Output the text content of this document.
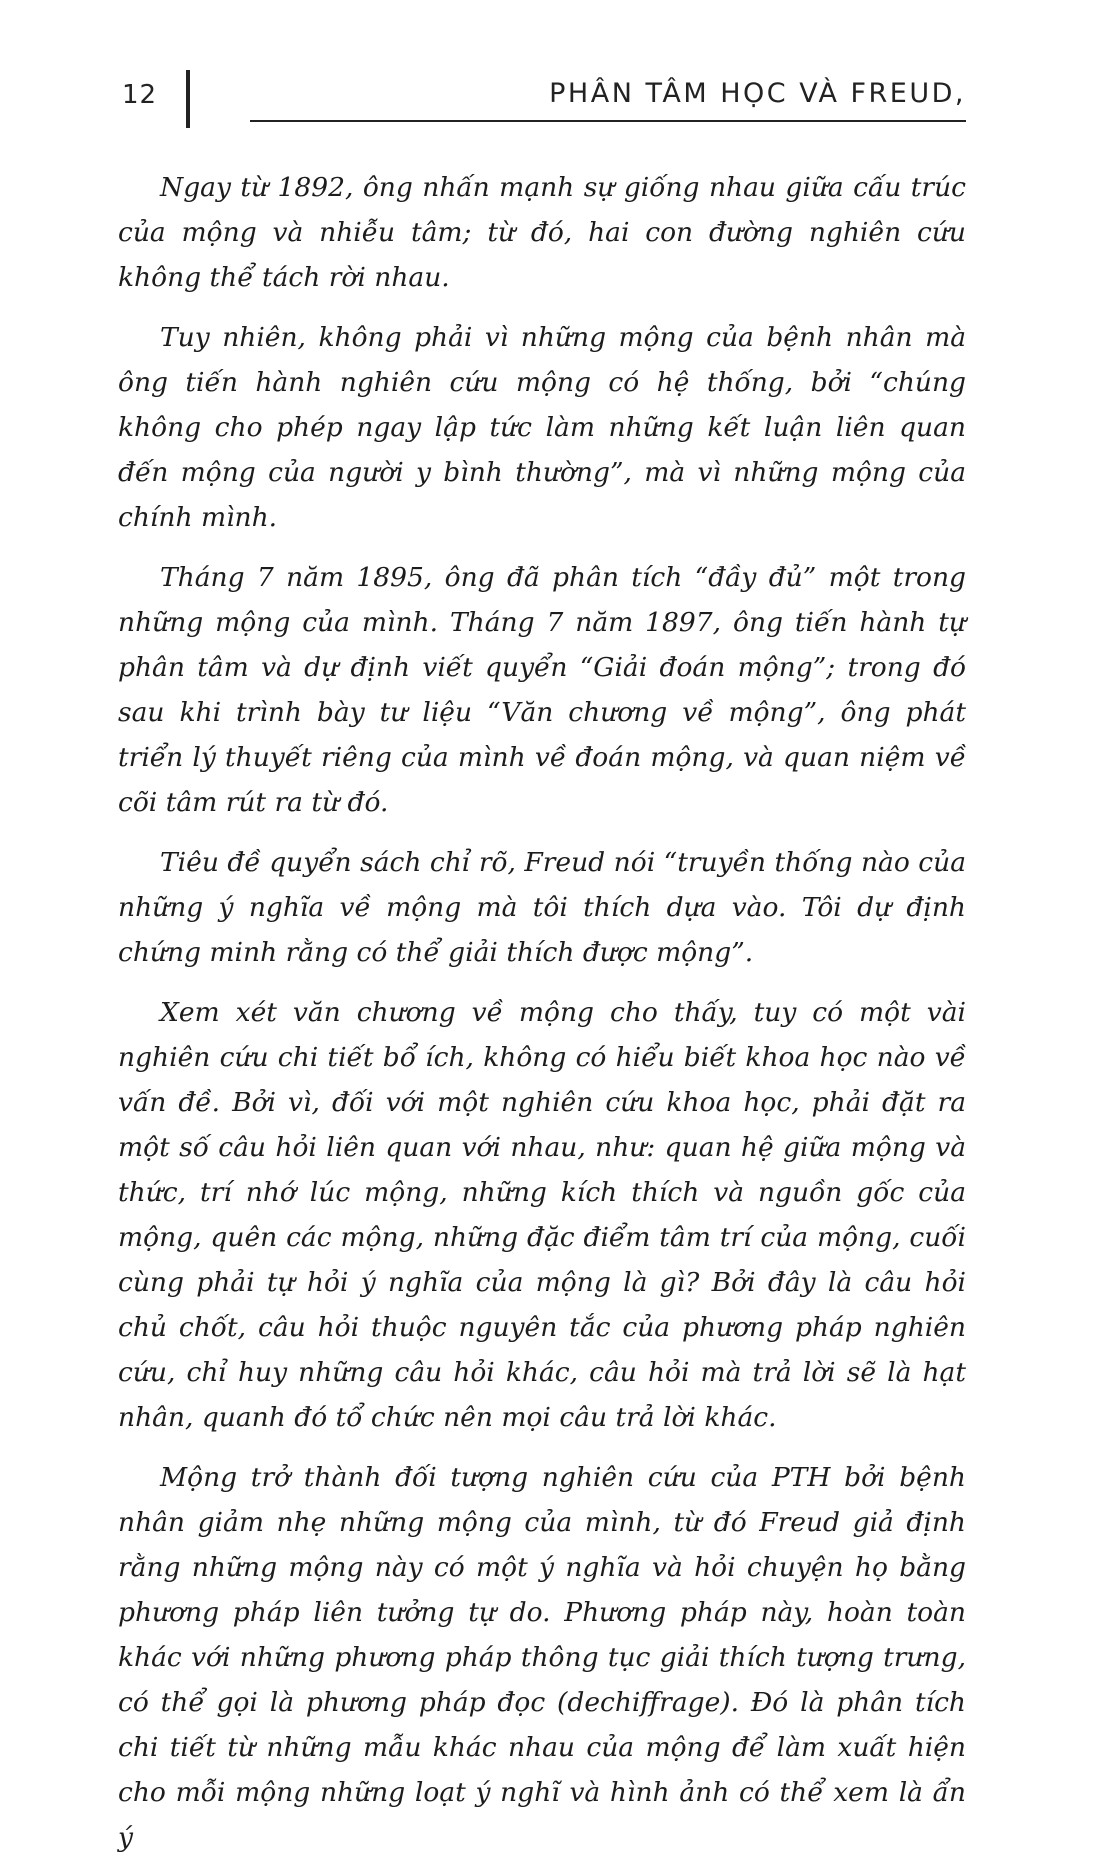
12	PHÂN TÂM HỌC VÀ FREUD,

Ngay từ 1892, ông nhấn mạnh sự giống nhau giữa cấu trúc của mộng và nhiễu tâm; từ đó, hai con đường nghiên cứu không thể tách rời nhau.

Tuy nhiên, không phải vì những mộng của bệnh nhân mà ông tiến hành nghiên cứu mộng có hệ thống, bởi “chúng không cho phép ngay lập tức làm những kết luận liên quan đến mộng của người y bình thường”, mà vì những mộng của chính mình.

Tháng 7 năm 1895, ông đã phân tích “đầy đủ” một trong những mộng của mình. Tháng 7 năm 1897, ông tiến hành tự phân tâm và dự định viết quyển “Giải đoán mộng”; trong đó sau khi trình bày tư liệu “Văn chương về mộng”, ông phát triển lý thuyết riêng của mình về đoán mộng, và quan niệm về cõi tâm rút ra từ đó.

Tiêu đề quyển sách chỉ rõ, Freud nói “truyền thống nào của những ý nghĩa về mộng mà tôi thích dựa vào. Tôi dự định chứng minh rằng có thể giải thích được mộng”.

Xem xét văn chương về mộng cho thấy, tuy có một vài nghiên cứu chi tiết bổ ích, không có hiểu biết khoa học nào về vấn đề. Bởi vì, đối với một nghiên cứu khoa học, phải đặt ra một số câu hỏi liên quan với nhau, như: quan hệ giữa mộng và thức, trí nhớ lúc mộng, những kích thích và nguồn gốc của mộng, quên các mộng, những đặc điểm tâm trí của mộng, cuối cùng phải tự hỏi ý nghĩa của mộng là gì? Bởi đây là câu hỏi chủ chốt, câu hỏi thuộc nguyên tắc của phương pháp nghiên cứu, chỉ huy những câu hỏi khác, câu hỏi mà trả lời sẽ là hạt nhân, quanh đó tổ chức nên mọi câu trả lời khác.

Mộng trở thành đối tượng nghiên cứu của PTH bởi bệnh nhân giảm nhẹ những mộng của mình, từ đó Freud giả định rằng những mộng này có một ý nghĩa và hỏi chuyện họ bằng phương pháp liên tưởng tự do. Phương pháp này, hoàn toàn khác với những phương pháp thông tục giải thích tượng trưng, có thể gọi là phương pháp đọc (dechiffrage). Đó là phân tích chi tiết từ những mẫu khác nhau của mộng để làm xuất hiện cho mỗi mộng những loạt ý nghĩ và hình ảnh có thể xem là ẩn ý
